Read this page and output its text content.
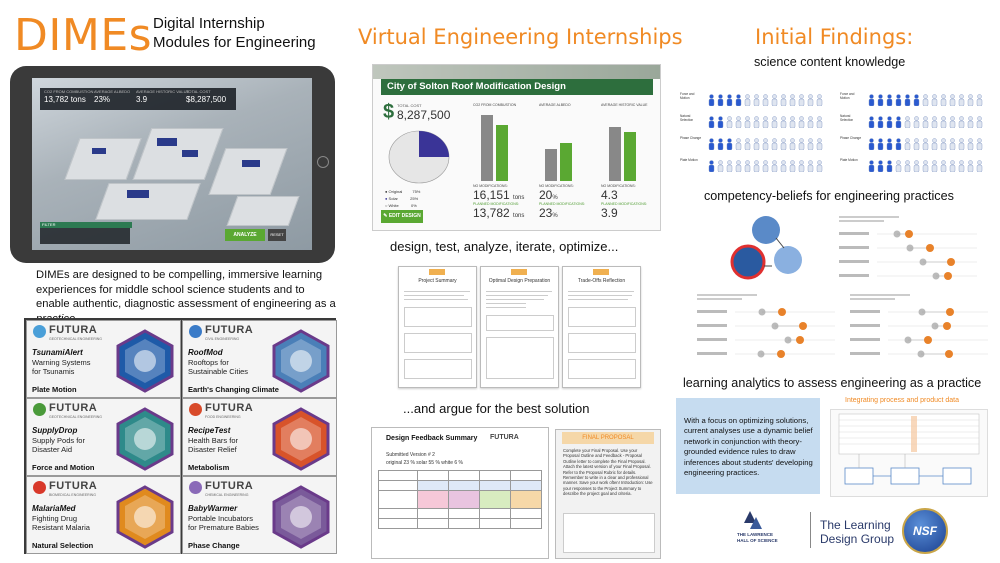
DIMEs Digital Internship
Modules for Engineering
CO2 FROM COMBUSTION
13,782 tons
AVERAGE ALBEDO
23%
AVERAGE HISTORIC VALUE
3.9
TOTAL COST
$8,287,500
FILTER
ANALYZE	RESET
DIMEs are designed to be compelling, immersive learning experiences for middle school science students and to enable authentic, diagnostic assessment of engineering as a
FUTURA
GEOTECHNICAL ENGINEERING
TsunamiAlert
Warning Systems
for Tsunamis
Plate Motion
FUTURA
CIVIL ENGINEERING
RoofMod
Rooftops for
Sustainable Cities
Earth's Changing Climate
FUTURA
GEOTECHNICAL ENGINEERING
SupplyDrop
Supply Pods for
Disaster Aid
Force and Motion
FUTURA
FOOD ENGINEERING
RecipeTest
Health Bars for
Disaster Relief
Metabolism
FUTURA
BIOMEDICAL ENGINEERING
MalariaMed
Fighting Drug
Resistant Malaria
Natural Selection
FUTURA
CHEMICAL ENGINEERING
BabyWarmer
Portable Incubators
for Premature Babies
Phase Change
Virtual Engineering Internships
City of Solton Roof Modification Design
$ TOTAL COST
8,287,500
● Original	75%
● Solar	25%
○ White	0%
CO2 FROM COMBUSTION
NO MODIFICATIONS:
16,151 tons
PLANNED MODIFICATIONS:
13,782 tons
AVERAGE ALBEDO
NO MODIFICATIONS:
20%
PLANNED MODIFICATIONS:
23%
AVERAGE HISTORIC VALUE
NO MODIFICATIONS:
4.3
PLANNED MODIFICATIONS:
3.9
✎ EDIT DESIGN
design, test, analyze, iterate, optimize...
Project Summary	Optimal Design Preparation	Trade-Offs Reflection
...and argue for the best solution
Design Feedback Summary FUTURA
Submitted Version # 2
original 23 % solar 55 % white 6 %

FINAL PROPOSAL
Complete your Final Proposal. Use your Proposal Outline and Feedback - Proposal Outline letter to complete the Final Proposal. Attach the latest version of your Final Proposal. Refer to the Proposal Rubric for details. Remember to write in a clear and professional manner. Save your work often! Introduction: Use your responses to the Project Summary to describe the project goal and criteria.
Initial Findings:
science content knowledge
Force and Motion
Natural Selection
Phase Change
Plate Motion
Force and Motion
Natural Selection
Phase Change
Plate Motion
competency-beliefs for engineering practices
learning analytics to assess engineering as a practice
With a focus on optimizing solutions, current analyses use a dynamic belief network in conjunction with theory-grounded evidence rules to draw inferences about students' developing engineering practices.
Integrating process and product data
THE LAWRENCE
HALL OF SCIENCE
The Learning
Design Group
NSF
